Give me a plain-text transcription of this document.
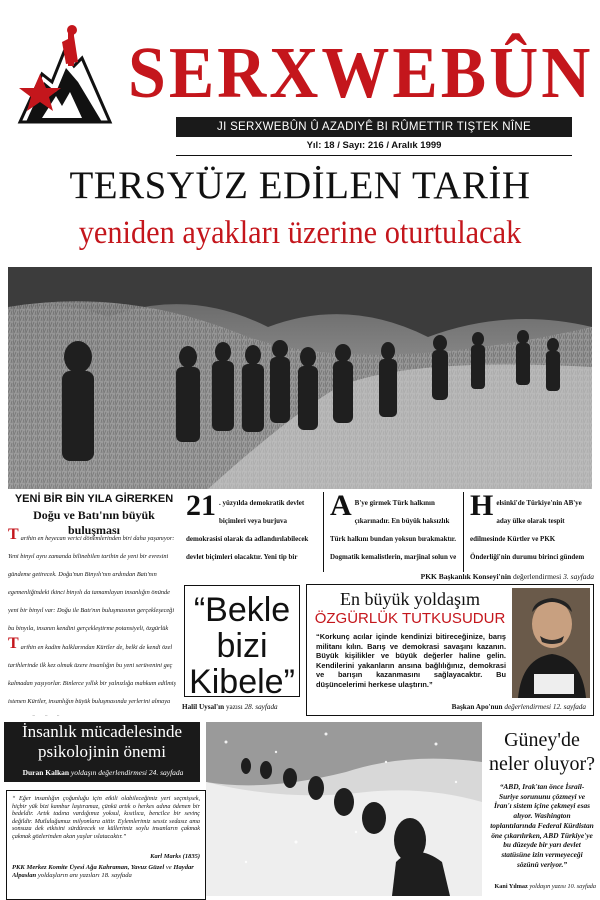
SERXWEBÛN
JI SERXWEBÛN Û AZADIYÊ BI RÛMETTIR TIŞTEK NÎNE
Yıl: 18 / Sayı: 216 / Aralık 1999
TERSYÜZ EDİLEN TARİH
yeniden ayakları üzerine oturtulacak
YENİ BİR BİN YILA GİRERKEN
Doğu ve Batı'nın büyük buluşması
Tarihin en heyecan verici dönemlerinden biri daha yaşanıyor: Yeni binyıl aynı zamanda bilinebilen tarihin de yeni bir evresini gündeme getirecek. Doğu'nun Binyılı'nın ardından Batı'nın egemenliğindeki ikinci binyılı da tamamlayan insanlığın önünde yeni bir binyıl var: Doğu ile Batı'nın buluşmasının gerçekleşeceği bu binyıla, insanın kendini gerçekleştirme potansiyeli, özgürlük
Tarihin en kadim halklarından Kürtler de, belki de kendi özel tarihlerinde ilk kez olmak üzere insanlığın bu yeni serüvenini geç kalmadan yaşıyorlar. Binlerce yıllık bir yalnızlığa mahkum edilmiş istenen Kürtler, insanlığın büyük buluşmasında yerlerini almaya
21 . yüzyılda demokratik devlet biçimleri veya burjuva demokrasisi olarak da adlandırılabilecek devlet biçimleri olacaktır. Yeni tip bir
A B'ye girmek Türk halkının çıkarınadır. En büyük haksızlık Türk halkını bundan yoksun bırakmaktır. Dogmatik kemalistlerin, marjinal solun ve
Helsinki'de Türkiye'nin AB'ye aday ülke olarak tespit edilmesinde Kürtler ve PKK Önderliği'nin durumu birinci gündem
PKK Başkanlık Konseyi'nin değerlendirmesi 3. sayfada
“Bekle
bizi
Kibele”
Halil Uysal'ın yazısı 28. sayfada
En büyük yoldaşım
ÖZGÜRLÜK TUTKUSUDUR
“Korkunç acılar içinde kendinizi bitireceğinize, barış militanı kılın. Barış ve demokrasi savaşını kazanın. Büyük kişilikler ve büyük değerler haline gelin. Kendilerini yakanların ansına bağlılığınız, demokrasi ve barışın kazanmasını sağlayacaktır. Bu düşüncelerimi herkese ulaştırın.”
Başkan Apo'nun değerlendirmesi 12. sayfada
İnsanlık mücadelesinde
psikolojinin önemi
Duran Kalkan yoldaşın değerlendirmesi 24. sayfada
“ Eğer insanlığın çoğunluğu için etkili olabileceğimiz yeri seçmişsek, hiçbir yük bizi kambur laştıramaz, çünkü artık o herkes adına ödenen bir bedeldir. Artık tadına vardığımız yoksul, kısıtlıca, bencilce bir sevinç değildir. Mutluluğumuz milyonlara aittir. Eylemlerimiz sessiz sedasız ama sonsuza dek etkisini sürdürecek ve küllerimiz soylu insanların çakmak çakmak gözlerinden akan yaşlar ıslatacaktır.”
Karl Marks (1835)
PKK Merkez Komite Üyesi Ağa Kahraman, Yavuz Güzel ve Haydar Alpaslan yoldaşların anı yazıları 18. sayfada
Güney'de
neler oluyor?
“ABD, Irak'tan önce İsrail-Suriye sorununu çözmeyi ve İran'ı sistem içine çekmeyi esas alıyor. Washington toplantılarında Federal Kürdistan öne çıkarılırken, ABD Türkiye'ye bu düzeyde bir yarı devlet statüsüne izin vermeyeceği sözünü veriyor.”
Kani Yılmaz yoldaşın yazısı 10. sayfada
